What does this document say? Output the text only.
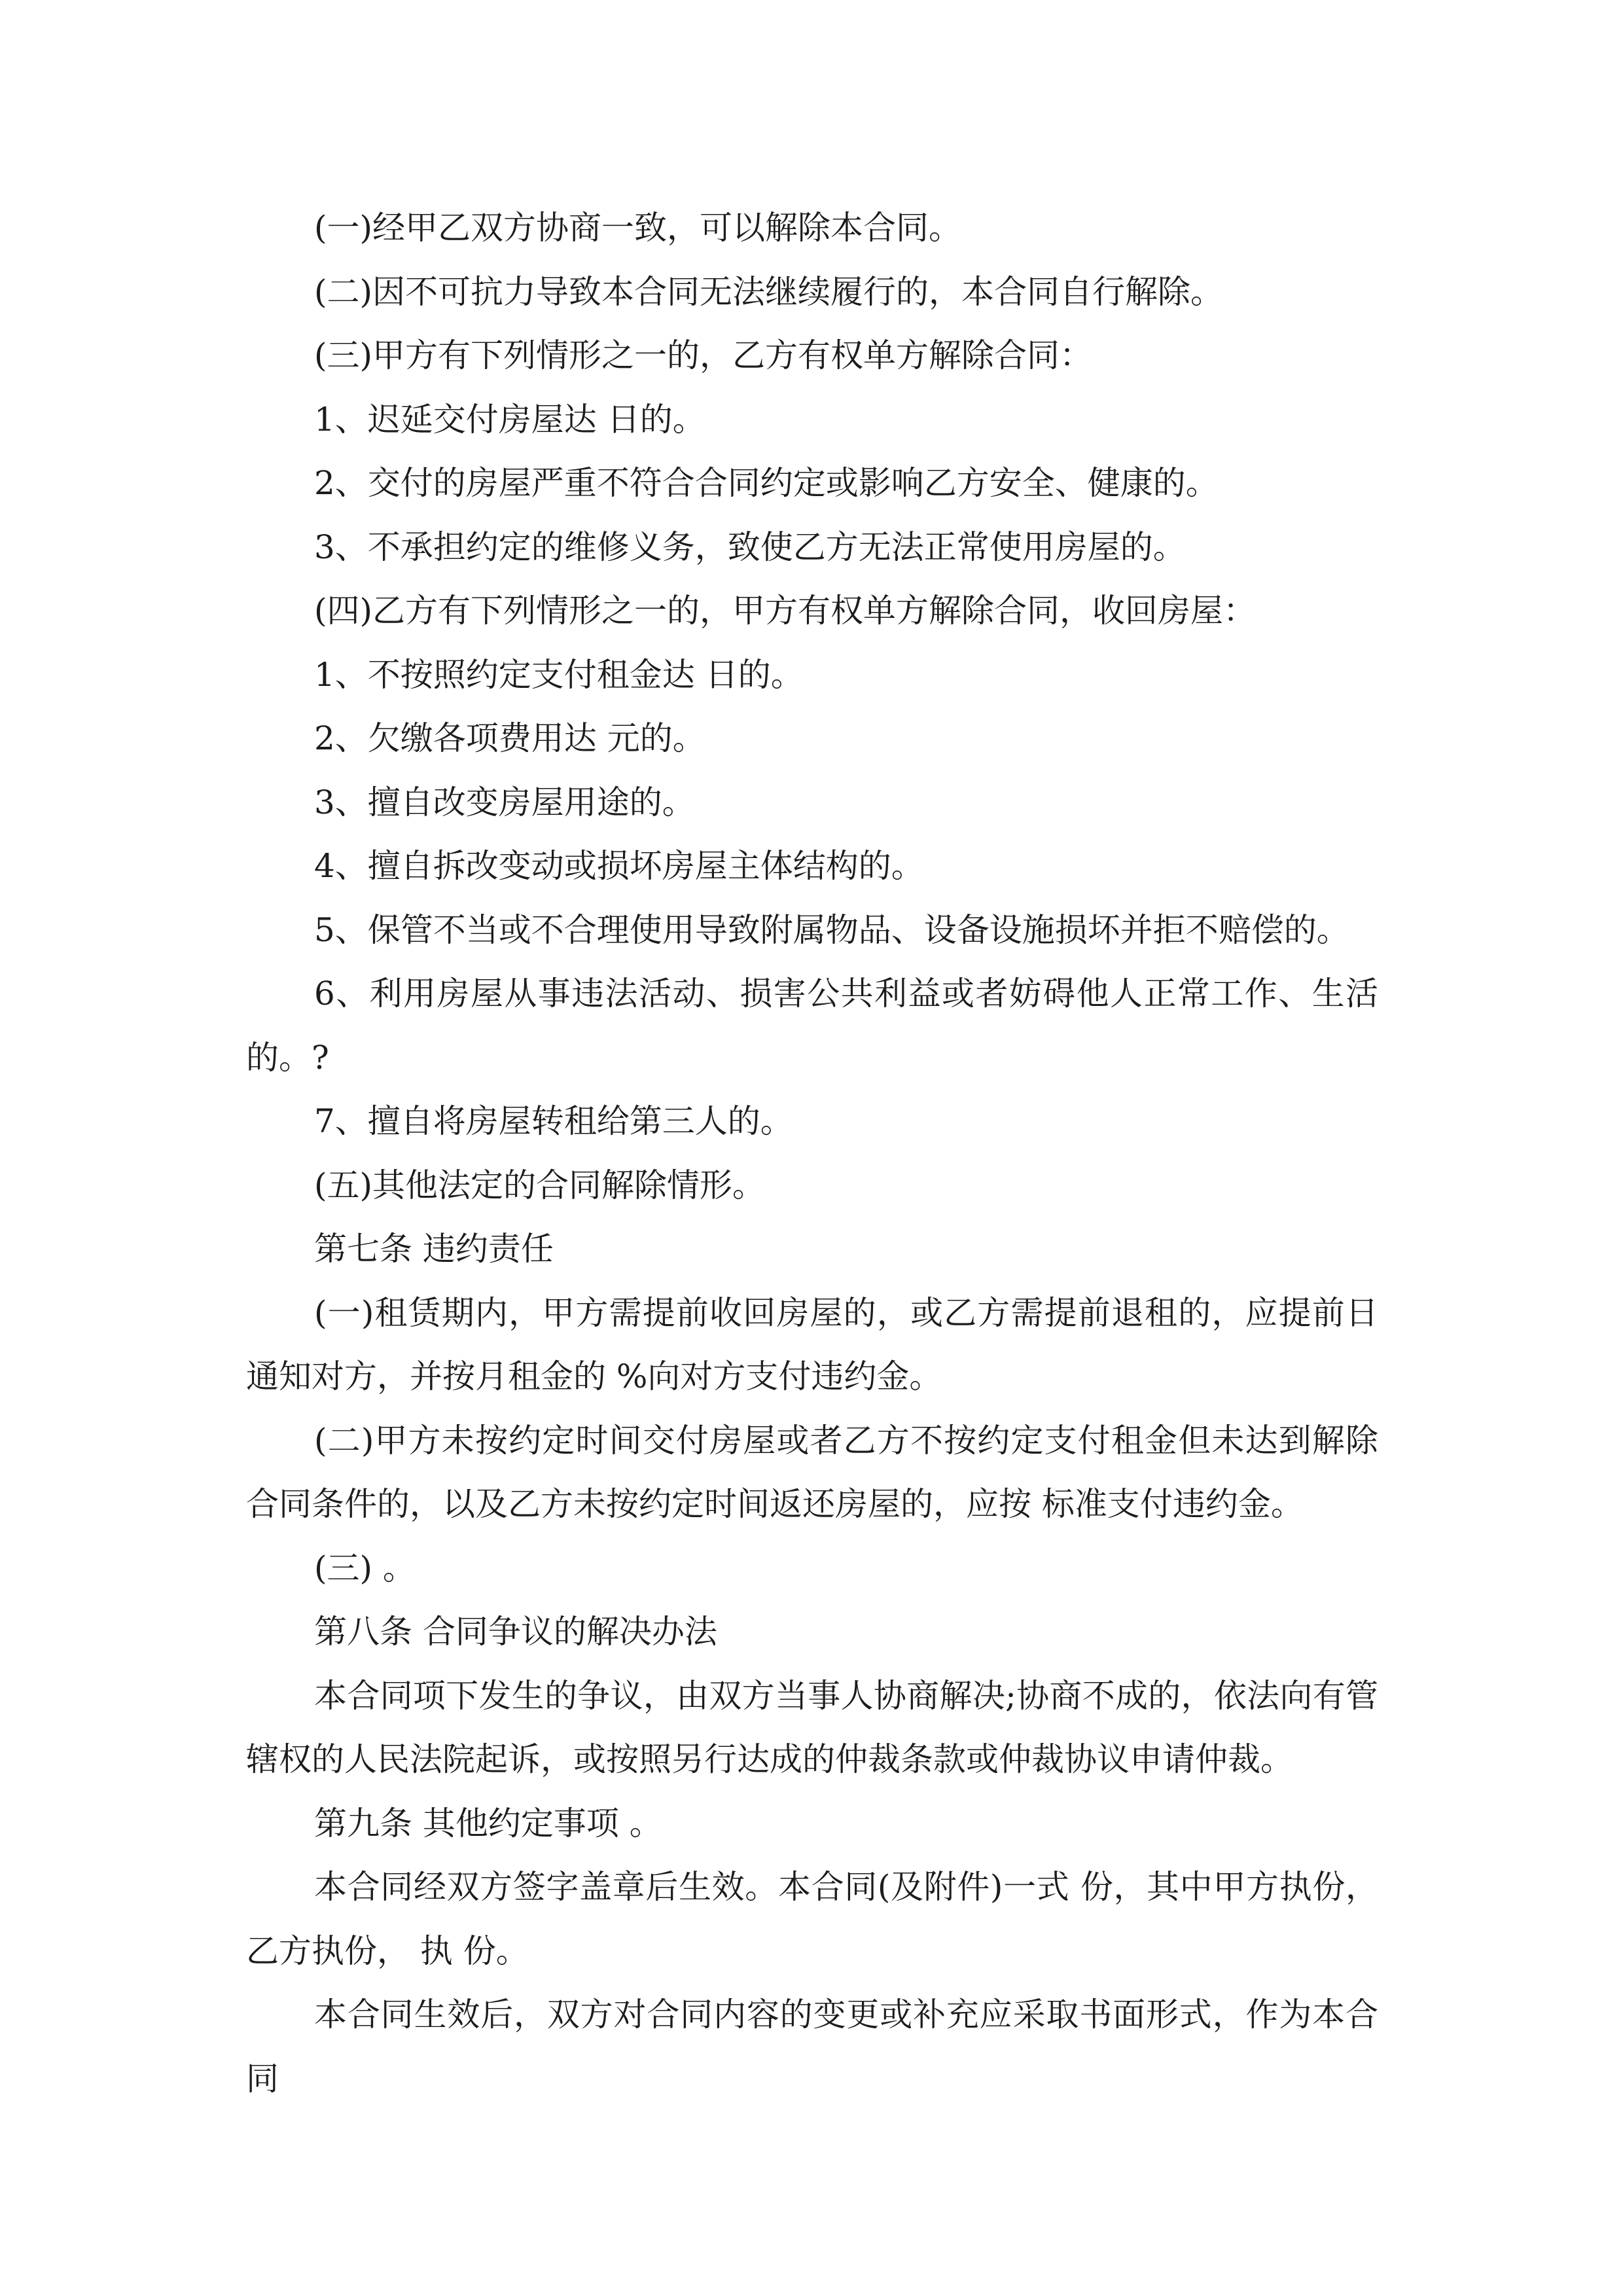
(一)经甲乙双方协商一致，可以解除本合同。

(二)因不可抗力导致本合同无法继续履行的，本合同自行解除。

(三)甲方有下列情形之一的，乙方有权单方解除合同：

1、迟延交付房屋达 日的。

2、交付的房屋严重不符合合同约定或影响乙方安全、健康的。

3、不承担约定的维修义务，致使乙方无法正常使用房屋的。

(四)乙方有下列情形之一的，甲方有权单方解除合同，收回房屋：

1、不按照约定支付租金达 日的。

2、欠缴各项费用达 元的。

3、擅自改变房屋用途的。

4、擅自拆改变动或损坏房屋主体结构的。

5、保管不当或不合理使用导致附属物品、设备设施损坏并拒不赔偿的。

6、利用房屋从事违法活动、损害公共利益或者妨碍他人正常工作、生活的。?

7、擅自将房屋转租给第三人的。

(五)其他法定的合同解除情形。

第七条 违约责任

(一)租赁期内，甲方需提前收回房屋的，或乙方需提前退租的，应提前日通知对方，并按月租金的 %向对方支付违约金。

(二)甲方未按约定时间交付房屋或者乙方不按约定支付租金但未达到解除合同条件的，以及乙方未按约定时间返还房屋的，应按 标准支付违约金。

(三) 。

第八条 合同争议的解决办法

本合同项下发生的争议，由双方当事人协商解决;协商不成的，依法向有管辖权的人民法院起诉，或按照另行达成的仲裁条款或仲裁协议申请仲裁。

第九条 其他约定事项 。

本合同经双方签字盖章后生效。本合同(及附件)一式 份，其中甲方执份，乙方执份， 执 份。

本合同生效后，双方对合同内容的变更或补充应采取书面形式，作为本合同
